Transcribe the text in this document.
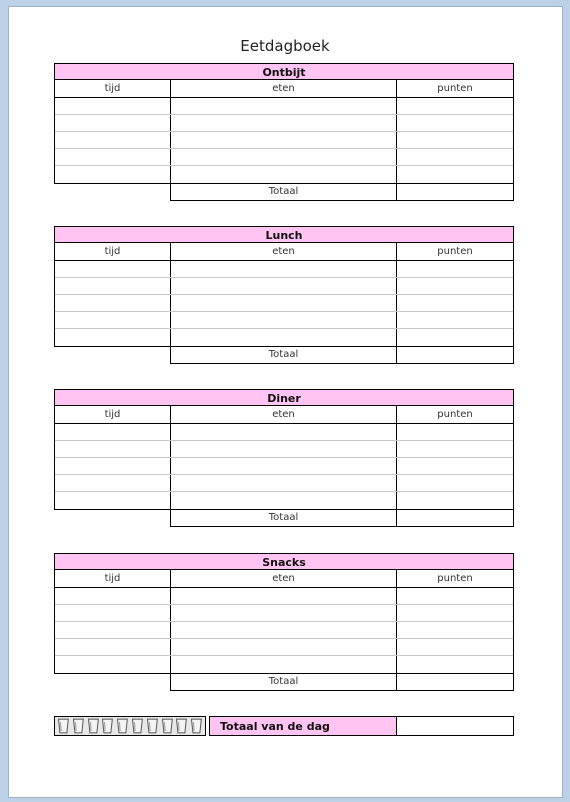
Eetdagboek
Ontbijt
tijd	eten	punten
Totaal
Lunch
tijd	eten	punten
Totaal
Diner
tijd	eten	punten
Totaal
Snacks
tijd	eten	punten
Totaal
Totaal van de dag
